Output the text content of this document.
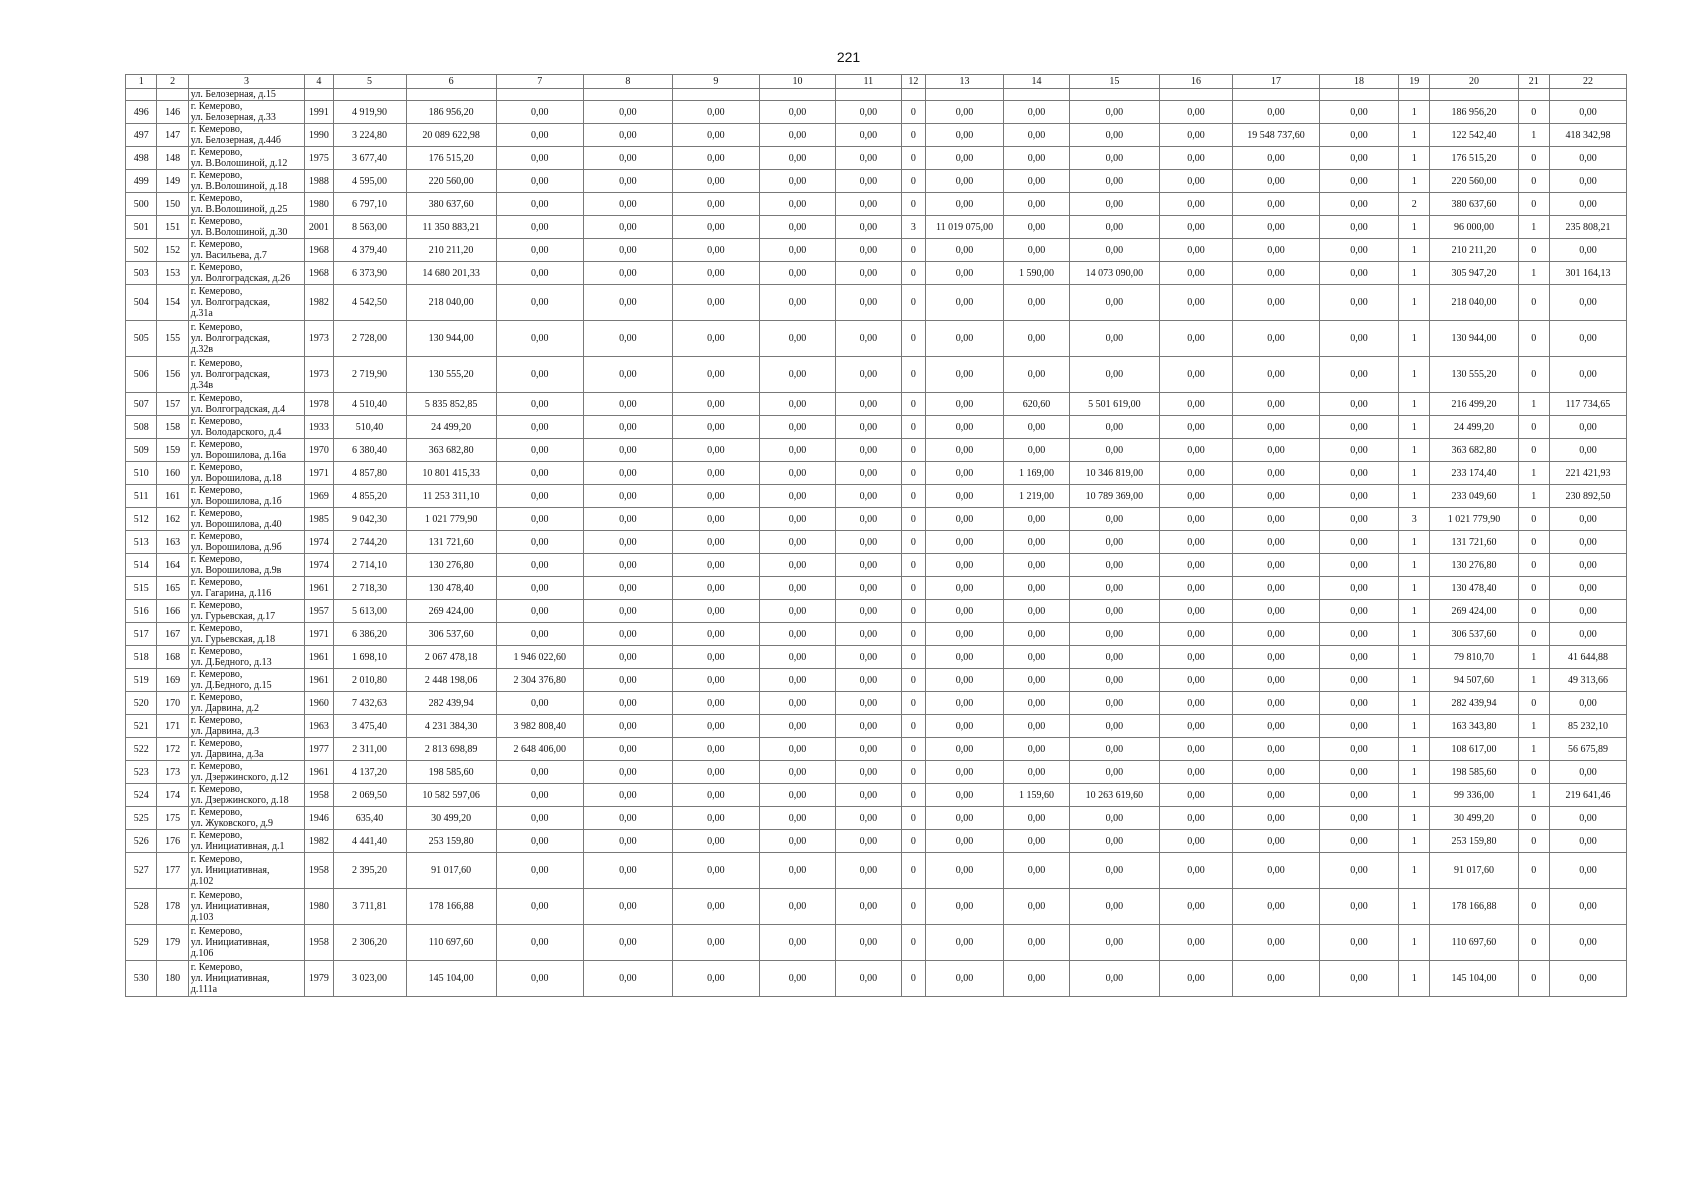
221
1	2	3	4	5	6	7	8	9	10	11	12	13	14	15	16	17	18	19	20	21	22
		ул. Белозерная, д.15																			
496	146	г. Кемерово,
ул. Белозерная, д.33	1991	4 919,90	186 956,20	0,00	0,00	0,00	0,00	0,00	0	0,00	0,00	0,00	0,00	0,00	0,00	1	186 956,20	0	0,00
497	147	г. Кемерово,
ул. Белозерная, д.44б	1990	3 224,80	20 089 622,98	0,00	0,00	0,00	0,00	0,00	0	0,00	0,00	0,00	0,00	19 548 737,60	0,00	1	122 542,40	1	418 342,98
498	148	г. Кемерово,
ул. В.Волошиной, д.12	1975	3 677,40	176 515,20	0,00	0,00	0,00	0,00	0,00	0	0,00	0,00	0,00	0,00	0,00	0,00	1	176 515,20	0	0,00
499	149	г. Кемерово,
ул. В.Волошиной, д.18	1988	4 595,00	220 560,00	0,00	0,00	0,00	0,00	0,00	0	0,00	0,00	0,00	0,00	0,00	0,00	1	220 560,00	0	0,00
500	150	г. Кемерово,
ул. В.Волошиной, д.25	1980	6 797,10	380 637,60	0,00	0,00	0,00	0,00	0,00	0	0,00	0,00	0,00	0,00	0,00	0,00	2	380 637,60	0	0,00
501	151	г. Кемерово,
ул. В.Волошиной, д.30	2001	8 563,00	11 350 883,21	0,00	0,00	0,00	0,00	0,00	3	11 019 075,00	0,00	0,00	0,00	0,00	0,00	1	96 000,00	1	235 808,21
502	152	г. Кемерово,
ул. Васильева, д.7	1968	4 379,40	210 211,20	0,00	0,00	0,00	0,00	0,00	0	0,00	0,00	0,00	0,00	0,00	0,00	1	210 211,20	0	0,00
503	153	г. Кемерово,
ул. Волгоградская, д.26	1968	6 373,90	14 680 201,33	0,00	0,00	0,00	0,00	0,00	0	0,00	1 590,00	14 073 090,00	0,00	0,00	0,00	1	305 947,20	1	301 164,13
504	154	г. Кемерово,
ул. Волгоградская,
д.31а	1982	4 542,50	218 040,00	0,00	0,00	0,00	0,00	0,00	0	0,00	0,00	0,00	0,00	0,00	0,00	1	218 040,00	0	0,00
505	155	г. Кемерово,
ул. Волгоградская,
д.32в	1973	2 728,00	130 944,00	0,00	0,00	0,00	0,00	0,00	0	0,00	0,00	0,00	0,00	0,00	0,00	1	130 944,00	0	0,00
506	156	г. Кемерово,
ул. Волгоградская,
д.34в	1973	2 719,90	130 555,20	0,00	0,00	0,00	0,00	0,00	0	0,00	0,00	0,00	0,00	0,00	0,00	1	130 555,20	0	0,00
507	157	г. Кемерово,
ул. Волгоградская, д.4	1978	4 510,40	5 835 852,85	0,00	0,00	0,00	0,00	0,00	0	0,00	620,60	5 501 619,00	0,00	0,00	0,00	1	216 499,20	1	117 734,65
508	158	г. Кемерово,
ул. Володарского, д.4	1933	510,40	24 499,20	0,00	0,00	0,00	0,00	0,00	0	0,00	0,00	0,00	0,00	0,00	0,00	1	24 499,20	0	0,00
509	159	г. Кемерово,
ул. Ворошилова, д.16а	1970	6 380,40	363 682,80	0,00	0,00	0,00	0,00	0,00	0	0,00	0,00	0,00	0,00	0,00	0,00	1	363 682,80	0	0,00
510	160	г. Кемерово,
ул. Ворошилова, д.18	1971	4 857,80	10 801 415,33	0,00	0,00	0,00	0,00	0,00	0	0,00	1 169,00	10 346 819,00	0,00	0,00	0,00	1	233 174,40	1	221 421,93
511	161	г. Кемерово,
ул. Ворошилова, д.1б	1969	4 855,20	11 253 311,10	0,00	0,00	0,00	0,00	0,00	0	0,00	1 219,00	10 789 369,00	0,00	0,00	0,00	1	233 049,60	1	230 892,50
512	162	г. Кемерово,
ул. Ворошилова, д.40	1985	9 042,30	1 021 779,90	0,00	0,00	0,00	0,00	0,00	0	0,00	0,00	0,00	0,00	0,00	0,00	3	1 021 779,90	0	0,00
513	163	г. Кемерово,
ул. Ворошилова, д.9б	1974	2 744,20	131 721,60	0,00	0,00	0,00	0,00	0,00	0	0,00	0,00	0,00	0,00	0,00	0,00	1	131 721,60	0	0,00
514	164	г. Кемерово,
ул. Ворошилова, д.9в	1974	2 714,10	130 276,80	0,00	0,00	0,00	0,00	0,00	0	0,00	0,00	0,00	0,00	0,00	0,00	1	130 276,80	0	0,00
515	165	г. Кемерово,
ул. Гагарина, д.116	1961	2 718,30	130 478,40	0,00	0,00	0,00	0,00	0,00	0	0,00	0,00	0,00	0,00	0,00	0,00	1	130 478,40	0	0,00
516	166	г. Кемерово,
ул. Гурьевская, д.17	1957	5 613,00	269 424,00	0,00	0,00	0,00	0,00	0,00	0	0,00	0,00	0,00	0,00	0,00	0,00	1	269 424,00	0	0,00
517	167	г. Кемерово,
ул. Гурьевская, д.18	1971	6 386,20	306 537,60	0,00	0,00	0,00	0,00	0,00	0	0,00	0,00	0,00	0,00	0,00	0,00	1	306 537,60	0	0,00
518	168	г. Кемерово,
ул. Д.Бедного, д.13	1961	1 698,10	2 067 478,18	1 946 022,60	0,00	0,00	0,00	0,00	0	0,00	0,00	0,00	0,00	0,00	0,00	1	79 810,70	1	41 644,88
519	169	г. Кемерово,
ул. Д.Бедного, д.15	1961	2 010,80	2 448 198,06	2 304 376,80	0,00	0,00	0,00	0,00	0	0,00	0,00	0,00	0,00	0,00	0,00	1	94 507,60	1	49 313,66
520	170	г. Кемерово,
ул. Дарвина, д.2	1960	7 432,63	282 439,94	0,00	0,00	0,00	0,00	0,00	0	0,00	0,00	0,00	0,00	0,00	0,00	1	282 439,94	0	0,00
521	171	г. Кемерово,
ул. Дарвина, д.3	1963	3 475,40	4 231 384,30	3 982 808,40	0,00	0,00	0,00	0,00	0	0,00	0,00	0,00	0,00	0,00	0,00	1	163 343,80	1	85 232,10
522	172	г. Кемерово,
ул. Дарвина, д.3а	1977	2 311,00	2 813 698,89	2 648 406,00	0,00	0,00	0,00	0,00	0	0,00	0,00	0,00	0,00	0,00	0,00	1	108 617,00	1	56 675,89
523	173	г. Кемерово,
ул. Дзержинского, д.12	1961	4 137,20	198 585,60	0,00	0,00	0,00	0,00	0,00	0	0,00	0,00	0,00	0,00	0,00	0,00	1	198 585,60	0	0,00
524	174	г. Кемерово,
ул. Дзержинского, д.18	1958	2 069,50	10 582 597,06	0,00	0,00	0,00	0,00	0,00	0	0,00	1 159,60	10 263 619,60	0,00	0,00	0,00	1	99 336,00	1	219 641,46
525	175	г. Кемерово,
ул. Жуковского, д.9	1946	635,40	30 499,20	0,00	0,00	0,00	0,00	0,00	0	0,00	0,00	0,00	0,00	0,00	0,00	1	30 499,20	0	0,00
526	176	г. Кемерово,
ул. Инициативная, д.1	1982	4 441,40	253 159,80	0,00	0,00	0,00	0,00	0,00	0	0,00	0,00	0,00	0,00	0,00	0,00	1	253 159,80	0	0,00
527	177	г. Кемерово,
ул. Инициативная,
д.102	1958	2 395,20	91 017,60	0,00	0,00	0,00	0,00	0,00	0	0,00	0,00	0,00	0,00	0,00	0,00	1	91 017,60	0	0,00
528	178	г. Кемерово,
ул. Инициативная,
д.103	1980	3 711,81	178 166,88	0,00	0,00	0,00	0,00	0,00	0	0,00	0,00	0,00	0,00	0,00	0,00	1	178 166,88	0	0,00
529	179	г. Кемерово,
ул. Инициативная,
д.106	1958	2 306,20	110 697,60	0,00	0,00	0,00	0,00	0,00	0	0,00	0,00	0,00	0,00	0,00	0,00	1	110 697,60	0	0,00
530	180	г. Кемерово,
ул. Инициативная,
д.111а	1979	3 023,00	145 104,00	0,00	0,00	0,00	0,00	0,00	0	0,00	0,00	0,00	0,00	0,00	0,00	1	145 104,00	0	0,00
